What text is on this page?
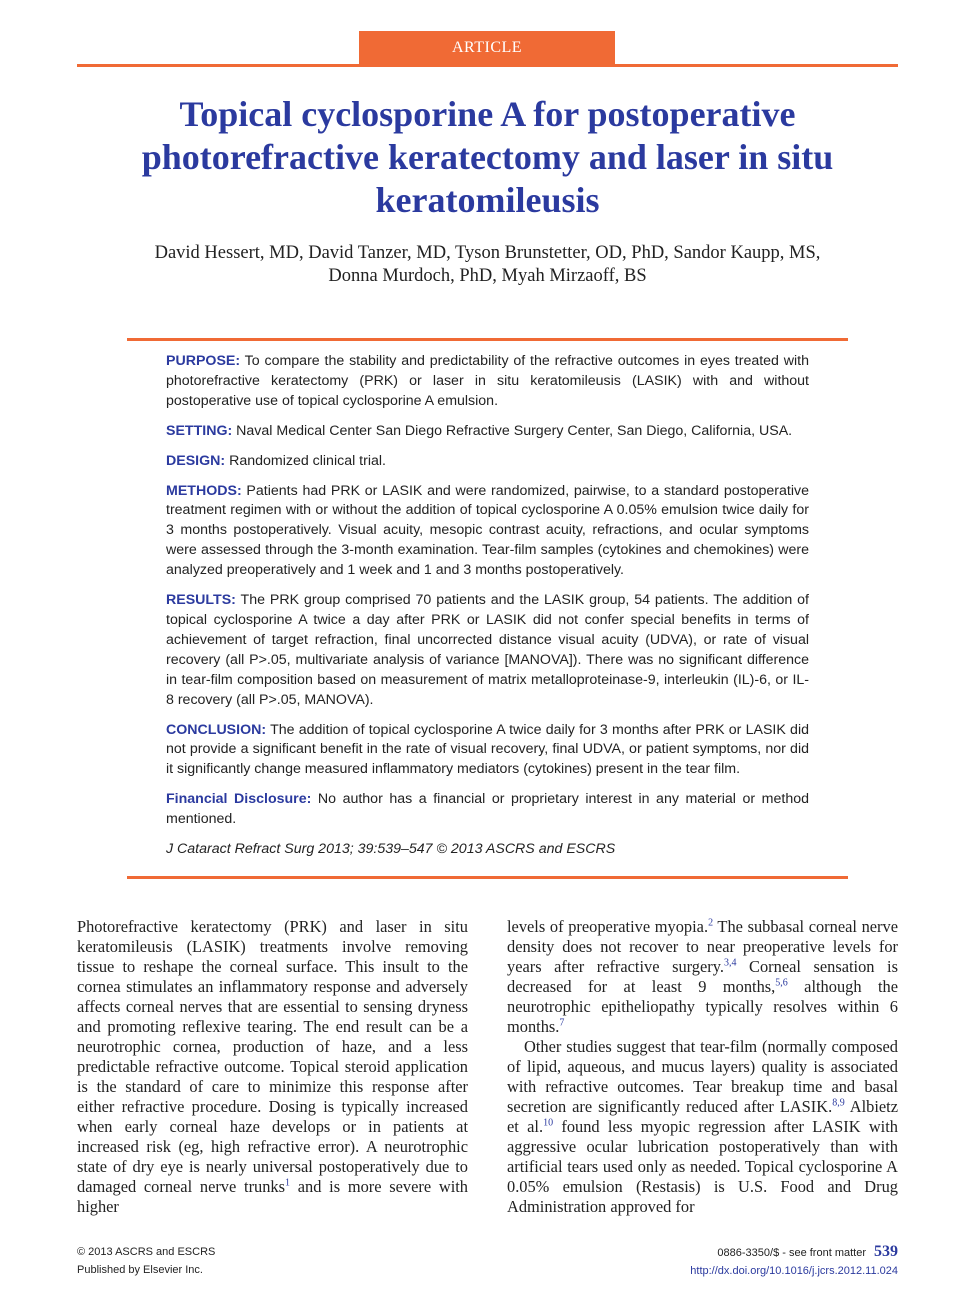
ARTICLE
Topical cyclosporine A for postoperative photorefractive keratectomy and laser in situ keratomileusis
David Hessert, MD, David Tanzer, MD, Tyson Brunstetter, OD, PhD, Sandor Kaupp, MS,
Donna Murdoch, PhD, Myah Mirzaoff, BS

PURPOSE: To compare the stability and predictability of the refractive outcomes in eyes treated with photorefractive keratectomy (PRK) or laser in situ keratomileusis (LASIK) with and without postoperative use of topical cyclosporine A emulsion.

SETTING: Naval Medical Center San Diego Refractive Surgery Center, San Diego, California, USA.

DESIGN: Randomized clinical trial.

METHODS: Patients had PRK or LASIK and were randomized, pairwise, to a standard postoperative treatment regimen with or without the addition of topical cyclosporine A 0.05% emulsion twice daily for 3 months postoperatively. Visual acuity, mesopic contrast acuity, refractions, and ocular symptoms were assessed through the 3-month examination. Tear-film samples (cytokines and chemokines) were analyzed preoperatively and 1 week and 1 and 3 months postoperatively.

RESULTS: The PRK group comprised 70 patients and the LASIK group, 54 patients. The addition of topical cyclosporine A twice a day after PRK or LASIK did not confer special benefits in terms of achievement of target refraction, final uncorrected distance visual acuity (UDVA), or rate of visual recovery (all P>.05, multivariate analysis of variance [MANOVA]). There was no significant difference in tear-film composition based on measurement of matrix metalloproteinase-9, interleukin (IL)-6, or IL-8 recovery (all P>.05, MANOVA).

CONCLUSION: The addition of topical cyclosporine A twice daily for 3 months after PRK or LASIK did not provide a significant benefit in the rate of visual recovery, final UDVA, or patient symptoms, nor did it significantly change measured inflammatory mediators (cytokines) present in the tear film.

Financial Disclosure: No author has a financial or proprietary interest in any material or method mentioned.

J Cataract Refract Surg 2013; 39:539–547 © 2013 ASCRS and ESCRS

Photorefractive keratectomy (PRK) and laser in situ keratomileusis (LASIK) treatments involve removing tissue to reshape the corneal surface. This insult to the cornea stimulates an inflammatory response and adversely affects corneal nerves that are essential to sensing dryness and promoting reflexive tearing. The end result can be a neurotrophic cornea, production of haze, and a less predictable refractive outcome. Topical steroid application is the standard of care to minimize this response after either refractive procedure. Dosing is typically increased when early corneal haze develops or in patients at increased risk (eg, high refractive error). A neurotrophic state of dry eye is nearly universal postoperatively due to damaged corneal nerve trunks$^1$ and is more severe with higher

levels of preoperative myopia.$^2$ The subbasal corneal nerve density does not recover to near preoperative levels for years after refractive surgery.$^{3,4}$ Corneal sensation is decreased for at least 9 months,$^{5,6}$ although the neurotrophic epitheliopathy typically resolves within 6 months.$^7$

Other studies suggest that tear-film (normally composed of lipid, aqueous, and mucus layers) quality is associated with refractive outcomes. Tear breakup time and basal secretion are significantly reduced after LASIK.$^{8,9}$ Albietz et al.$^{10}$ found less myopic regression after LASIK with aggressive ocular lubrication postoperatively than with artificial tears used only as needed. Topical cyclosporine A 0.05% emulsion (Restasis) is U.S. Food and Drug Administration approved for

© 2013 ASCRS and ESCRS
Published by Elsevier Inc.
0886-3350/$ - see front matter 539
http://dx.doi.org/10.1016/j.jcrs.2012.11.024
